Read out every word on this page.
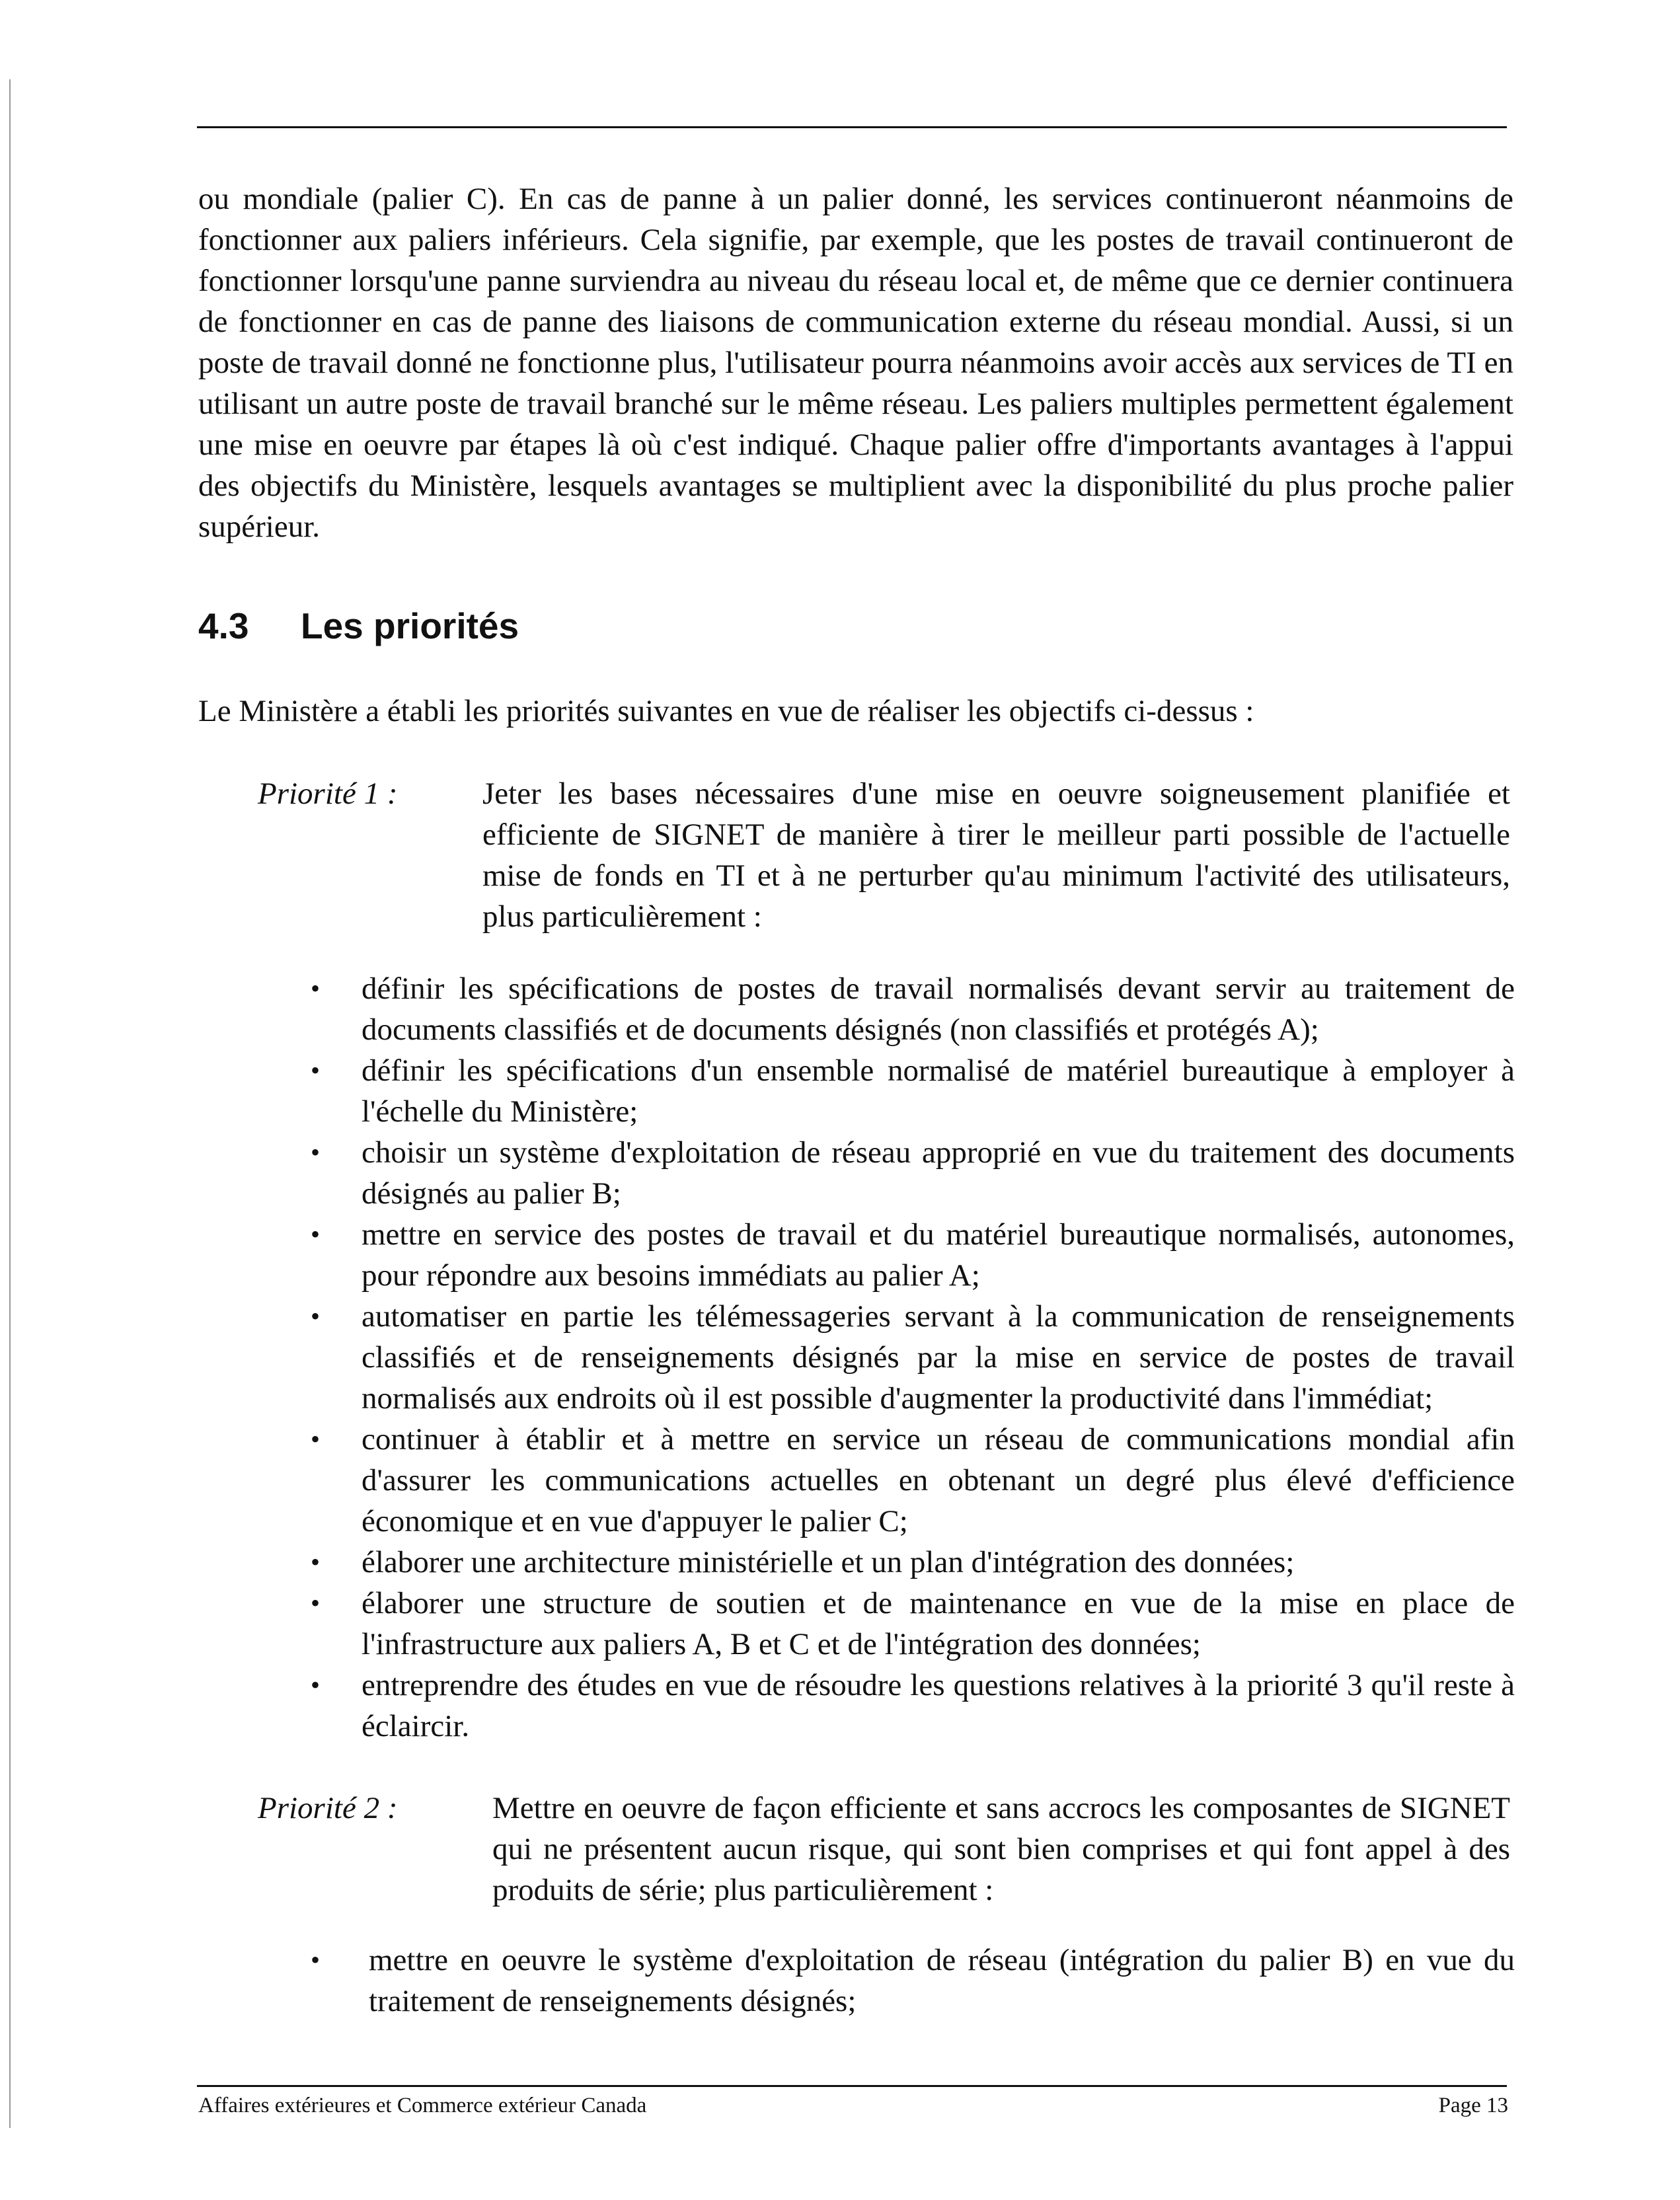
ou mondiale (palier C). En cas de panne à un palier donné, les services continueront néanmoins de fonctionner aux paliers inférieurs. Cela signifie, par exemple, que les postes de travail continueront de fonctionner lorsqu'une panne surviendra au niveau du réseau local et, de même que ce dernier continuera de fonctionner en cas de panne des liaisons de communication externe du réseau mondial. Aussi, si un poste de travail donné ne fonctionne plus, l'utilisateur pourra néanmoins avoir accès aux services de TI en utilisant un autre poste de travail branché sur le même réseau. Les paliers multiples permettent également une mise en oeuvre par étapes là où c'est indiqué. Chaque palier offre d'importants avantages à l'appui des objectifs du Ministère, lesquels avantages se multiplient avec la disponibilité du plus proche palier supérieur.

4.3	Les priorités

Le Ministère a établi les priorités suivantes en vue de réaliser les objectifs ci-dessus :

Priorité 1 :	Jeter les bases nécessaires d'une mise en oeuvre soigneusement planifiée et efficiente de SIGNET de manière à tirer le meilleur parti possible de l'actuelle mise de fonds en TI et à ne perturber qu'au minimum l'activité des utilisateurs, plus particulièrement :

•	définir les spécifications de postes de travail normalisés devant servir au traitement de documents classifiés et de documents désignés (non classifiés et protégés A);
•	définir les spécifications d'un ensemble normalisé de matériel bureautique à employer à l'échelle du Ministère;
•	choisir un système d'exploitation de réseau approprié en vue du traitement des documents désignés au palier B;
•	mettre en service des postes de travail et du matériel bureautique normalisés, autonomes, pour répondre aux besoins immédiats au palier A;
•	automatiser en partie les télémessageries servant à la communication de renseignements classifiés et de renseignements désignés par la mise en service de postes de travail normalisés aux endroits où il est possible d'augmenter la productivité dans l'immédiat;
•	continuer à établir et à mettre en service un réseau de communications mondial afin d'assurer les communications actuelles en obtenant un degré plus élevé d'efficience économique et en vue d'appuyer le palier C;
•	élaborer une architecture ministérielle et un plan d'intégration des données;
•	élaborer une structure de soutien et de maintenance en vue de la mise en place de l'infrastructure aux paliers A, B et C et de l'intégration des données;
•	entreprendre des études en vue de résoudre les questions relatives à la priorité 3 qu'il reste à éclaircir.
Priorité 2 :	Mettre en oeuvre de façon efficiente et sans accrocs les composantes de SIGNET qui ne présentent aucun risque, qui sont bien comprises et qui font appel à des produits de série; plus particulièrement :

•	mettre en oeuvre le système d'exploitation de réseau (intégration du palier B) en vue du traitement de renseignements désignés;
Affaires extérieures et Commerce extérieur Canada	Page 13
